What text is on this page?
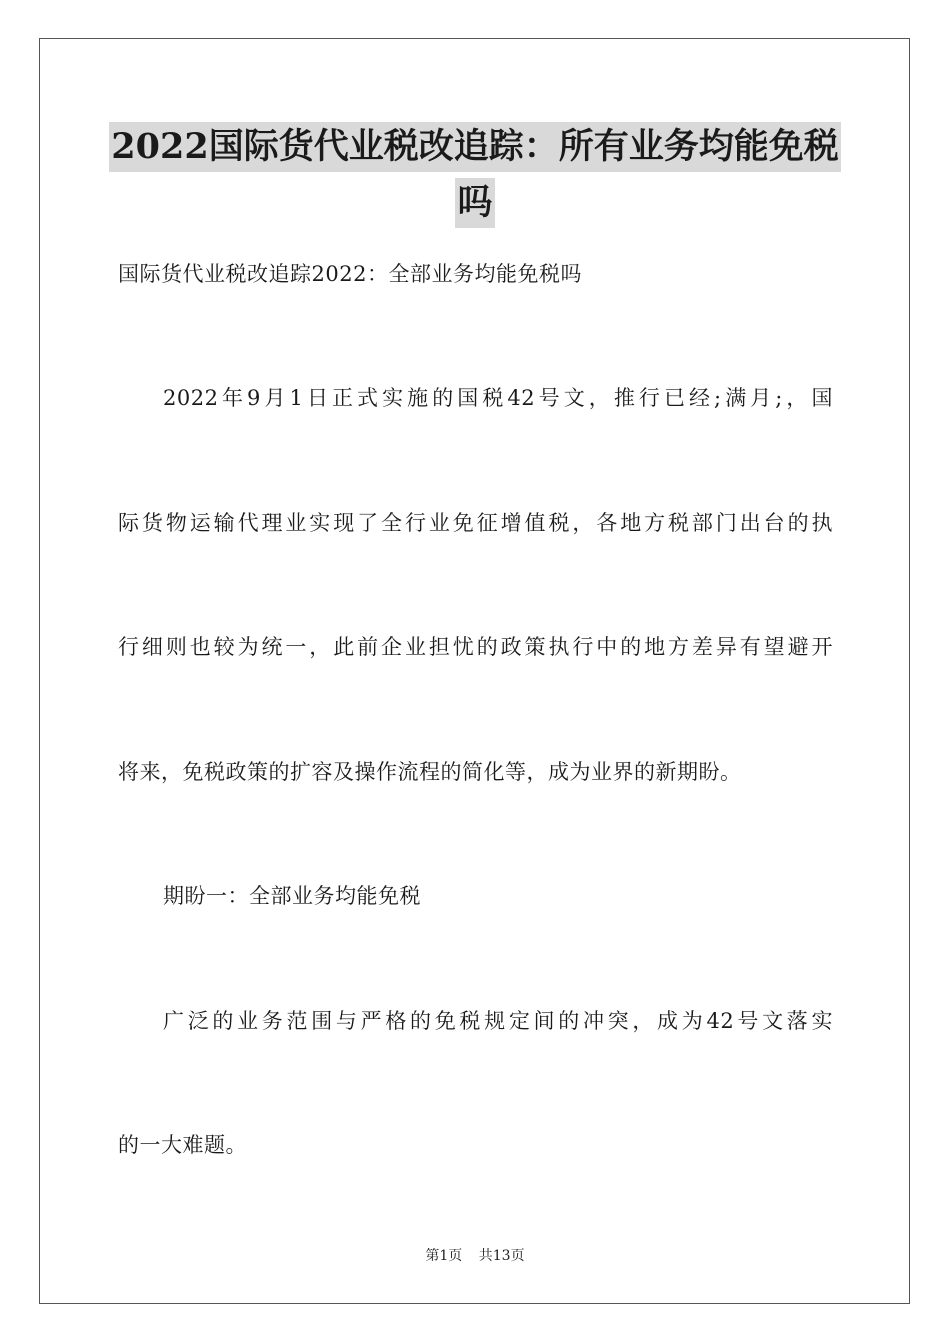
2022国际货代业税改追踪：所有业务均能免税
吗
国际货代业税改追踪2022：全部业务均能免税吗
2022年9月1日正式实施的国税42号文，推行已经;满月;，国
际货物运输代理业实现了全行业免征增值税，各地方税部门出台的执
行细则也较为统一，此前企业担忧的政策执行中的地方差异有望避开
将来，免税政策的扩容及操作流程的简化等，成为业界的新期盼。
期盼一：全部业务均能免税
广泛的业务范围与严格的免税规定间的冲突，成为42号文落实
的一大难题。
第1页 共13页
